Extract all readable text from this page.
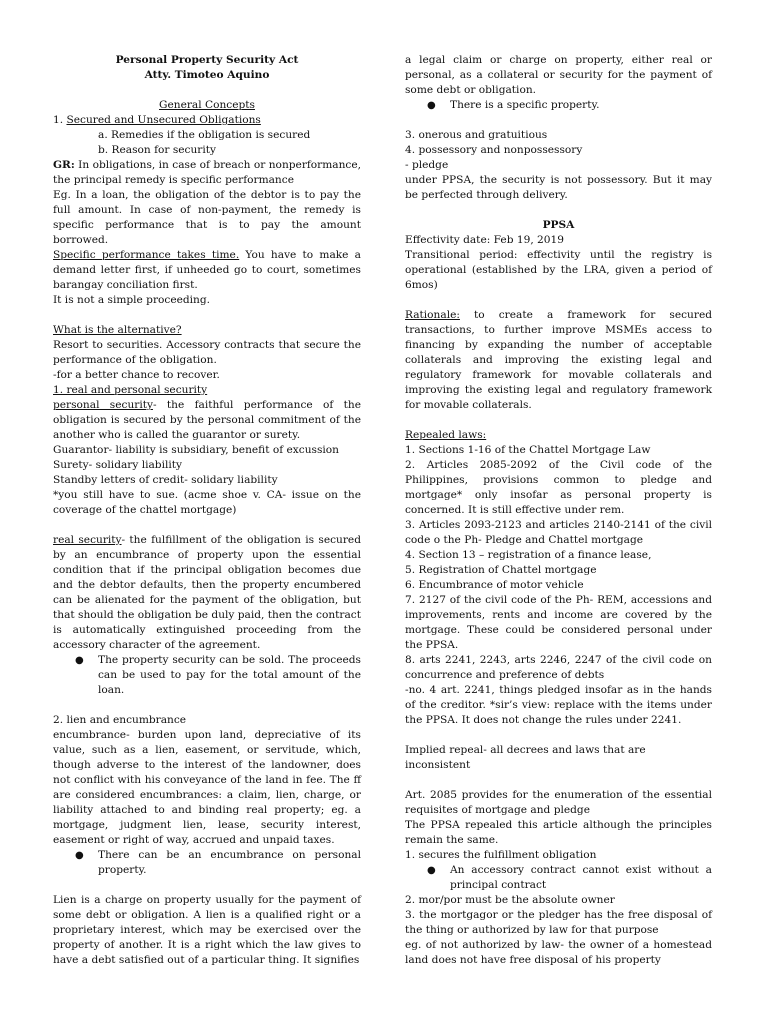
Personal Property Security Act

Atty. Timoteo Aquino

General Concepts

1. Secured and Unsecured Obligations

a. Remedies if the obligation is secured

b. Reason for security

GR: In obligations, in case of breach or nonperformance, the principal remedy is specific performance

Eg. In a loan, the obligation of the debtor is to pay the full amount. In case of non-payment, the remedy is specific performance that is to pay the amount borrowed.

Specific performance takes time. You have to make a demand letter first, if unheeded go to court, sometimes barangay conciliation first.

It is not a simple proceeding.

What is the alternative?

Resort to securities. Accessory contracts that secure the performance of the obligation.

-for a better chance to recover.

1. real and personal security

personal security- the faithful performance of the obligation is secured by the personal commitment of the another who is called the guarantor or surety.

Guarantor- liability is subsidiary, benefit of excussion

Surety- solidary liability

Standby letters of credit- solidary liability

*you still have to sue. (acme shoe v. CA- issue on the coverage of the chattel mortgage)

real security- the fulfillment of the obligation is secured by an encumbrance of property upon the essential condition that if the principal obligation becomes due and the debtor defaults, then the property encumbered can be alienated for the payment of the obligation, but that should the obligation be duly paid, then the contract is automatically extinguished proceeding from the accessory character of the agreement.

● The property security can be sold. The proceeds can be used to pay for the total amount of the loan.

2. lien and encumbrance

encumbrance- burden upon land, depreciative of its value, such as a lien, easement, or servitude, which, though adverse to the interest of the landowner, does not conflict with his conveyance of the land in fee. The ff are considered encumbrances: a claim, lien, charge, or liability attached to and binding real property; eg. a mortgage, judgment lien, lease, security interest, easement or right of way, accrued and unpaid taxes.

● There can be an encumbrance on personal property.

Lien is a charge on property usually for the payment of some debt or obligation. A lien is a qualified right or a proprietary interest, which may be exercised over the property of another. It is a right which the law gives to have a debt satisfied out of a particular thing. It signifies

a legal claim or charge on property, either real or personal, as a collateral or security for the payment of some debt or obligation.

● There is a specific property.

3. onerous and gratuitious

4. possessory and nonpossessory

- pledge

under PPSA, the security is not possessory. But it may be perfected through delivery.

PPSA

Effectivity date: Feb 19, 2019

Transitional period: effectivity until the registry is operational (established by the LRA, given a period of 6mos)

Rationale: to create a framework for secured transactions, to further improve MSMEs access to financing by expanding the number of acceptable collaterals and improving the existing legal and regulatory framework for movable collaterals and improving the existing legal and regulatory framework for movable collaterals.

Repealed laws:

1. Sections 1-16 of the Chattel Mortgage Law

2. Articles 2085-2092 of the Civil code of the Philippines, provisions common to pledge and mortgage* only insofar as personal property is concerned. It is still effective under rem.

3. Articles 2093-2123 and articles 2140-2141 of the civil code o the Ph- Pledge and Chattel mortgage

4. Section 13 – registration of a finance lease,

5. Registration of Chattel mortgage

6. Encumbrance of motor vehicle

7. 2127 of the civil code of the Ph- REM, accessions and improvements, rents and income are covered by the mortgage. These could be considered personal under the PPSA.

8. arts 2241, 2243, arts 2246, 2247 of the civil code on concurrence and preference of debts

-no. 4 art. 2241, things pledged insofar as in the hands of the creditor. *sir’s view: replace with the items under the PPSA. It does not change the rules under 2241.

Implied repeal- all decrees and laws that are inconsistent

Art. 2085 provides for the enumeration of the essential requisites of mortgage and pledge

The PPSA repealed this article although the principles remain the same.

1. secures the fulfillment obligation

● An accessory contract cannot exist without a principal contract

2. mor/por must be the absolute owner

3. the mortgagor or the pledger has the free disposal of the thing or authorized by law for that purpose

eg. of not authorized by law- the owner of a homestead land does not have free disposal of his property
